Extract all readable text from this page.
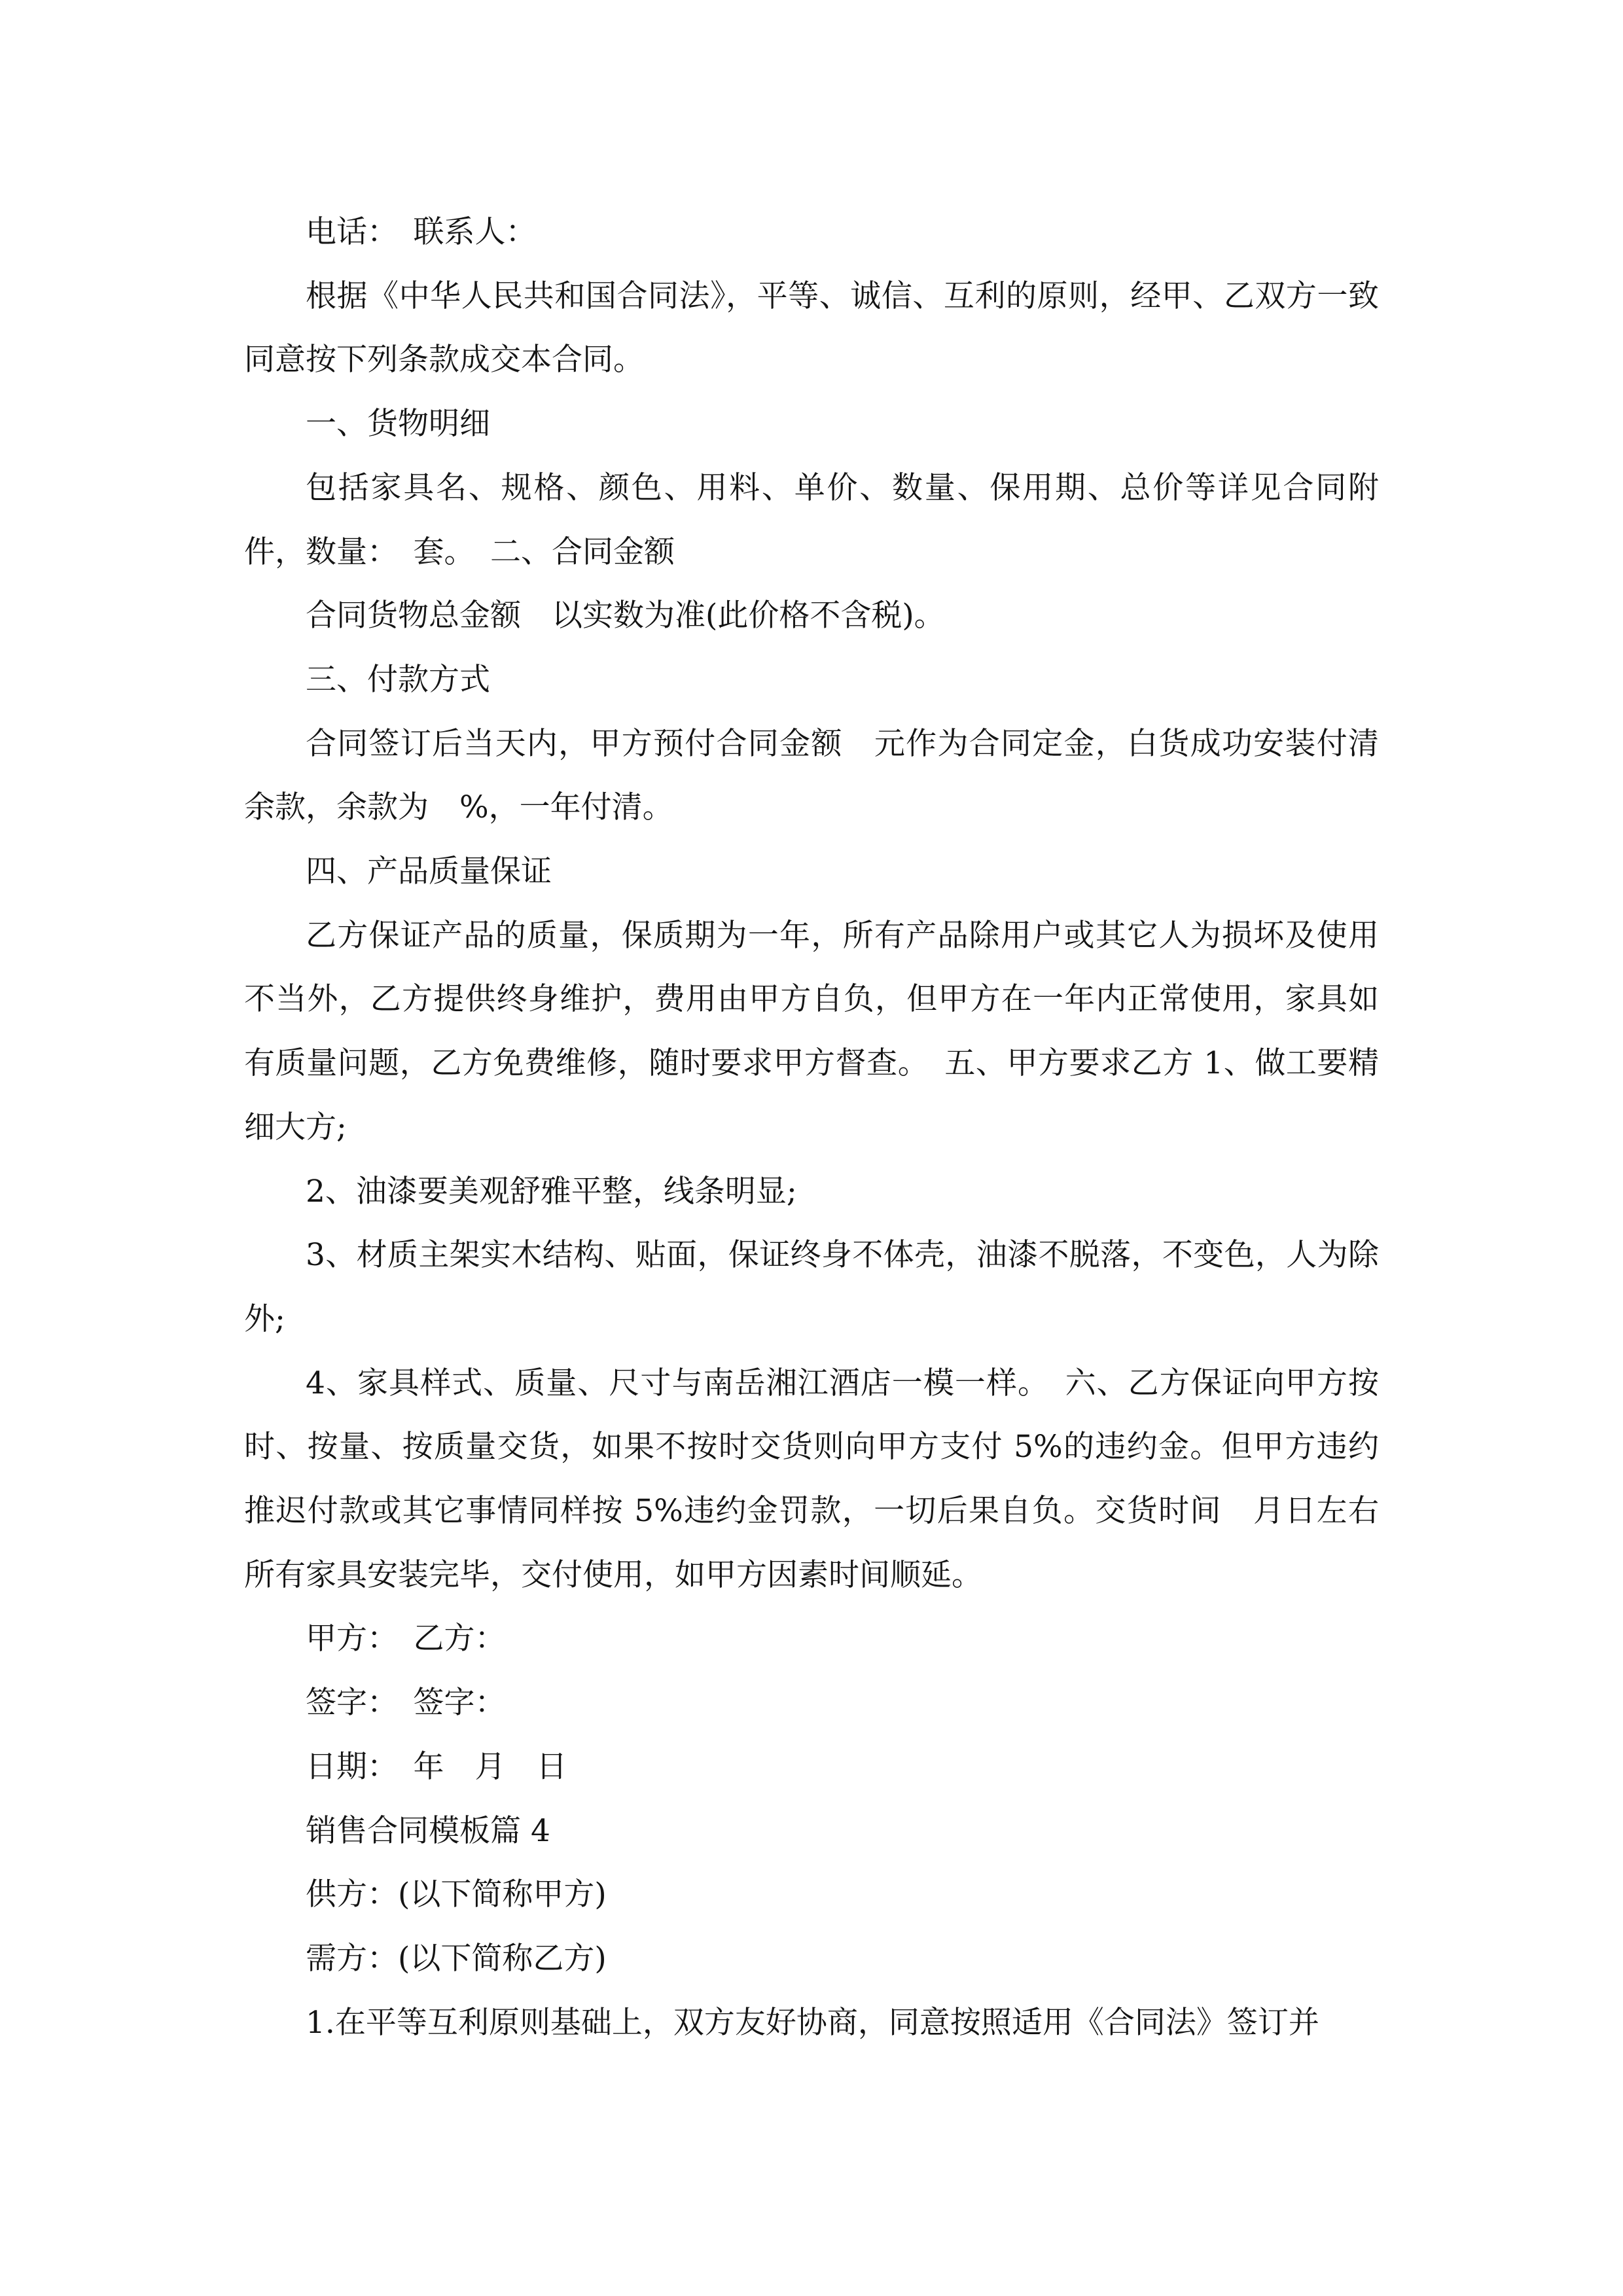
电话：　联系人：

根据《中华人民共和国合同法》，平等、诚信、互利的原则，经甲、乙双方一致同意按下列条款成交本合同。

一、货物明细

包括家具名、规格、颜色、用料、单价、数量、保用期、总价等详见合同附件，数量：　套。　二、合同金额

合同货物总金额　以实数为准(此价格不含税)。

三、付款方式

合同签订后当天内，甲方预付合同金额　元作为合同定金，白货成功安装付清余款，余款为　%，一年付清。

四、产品质量保证

乙方保证产品的质量，保质期为一年，所有产品除用户或其它人为损坏及使用不当外，乙方提供终身维护，费用由甲方自负，但甲方在一年内正常使用，家具如有质量问题，乙方免费维修，随时要求甲方督查。　五、甲方要求乙方 1、做工要精细大方;

2、油漆要美观舒雅平整，线条明显;

3、材质主架实木结构、贴面，保证终身不体壳，油漆不脱落，不变色，人为除外;

4、家具样式、质量、尺寸与南岳湘江酒店一模一样。　六、乙方保证向甲方按时、按量、按质量交货，如果不按时交货则向甲方支付 5%的违约金。但甲方违约推迟付款或其它事情同样按 5%违约金罚款，一切后果自负。交货时间　月日左右所有家具安装完毕，交付使用，如甲方因素时间顺延。

甲方：　乙方：

签字：　签字：

日期：　年　月　日

销售合同模板篇 4

供方：(以下简称甲方)

需方：(以下简称乙方)

1.在平等互利原则基础上，双方友好协商，同意按照适用《合同法》签订并
